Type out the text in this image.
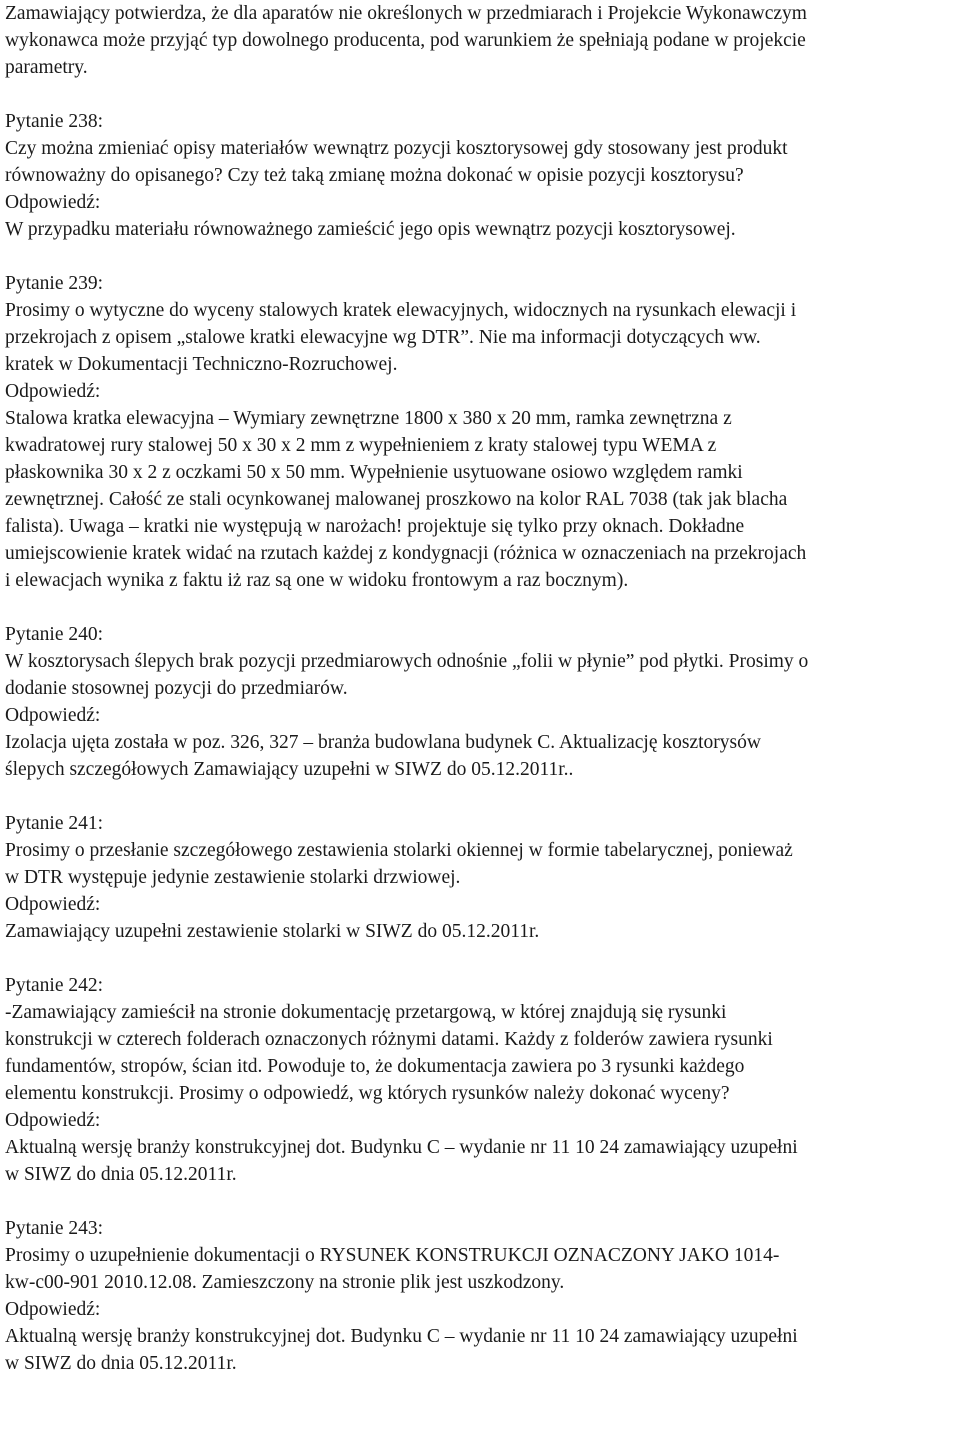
Zamawiający potwierdza, że dla aparatów nie określonych w przedmiarach i Projekcie Wykonawczym
wykonawca może przyjąć typ dowolnego producenta, pod warunkiem że spełniają podane w projekcie
parametry.
Pytanie 238:
Czy można zmieniać opisy materiałów wewnątrz pozycji kosztorysowej gdy stosowany jest produkt
równoważny do opisanego? Czy też taką zmianę można dokonać w opisie pozycji kosztorysu?
Odpowiedź:
W przypadku materiału równoważnego zamieścić jego opis wewnątrz pozycji kosztorysowej.
Pytanie 239:
Prosimy o wytyczne do wyceny stalowych kratek elewacyjnych, widocznych na rysunkach elewacji i
przekrojach z opisem „stalowe kratki elewacyjne wg DTR”. Nie ma informacji dotyczących ww.
kratek w Dokumentacji Techniczno-Rozruchowej.
Odpowiedź:
Stalowa kratka elewacyjna – Wymiary zewnętrzne 1800 x 380 x 20 mm, ramka zewnętrzna z
kwadratowej rury stalowej 50 x 30 x 2 mm z wypełnieniem z kraty stalowej typu WEMA z
płaskownika 30 x 2 z oczkami 50 x 50 mm. Wypełnienie usytuowane osiowo względem ramki
zewnętrznej. Całość ze stali ocynkowanej malowanej proszkowo na kolor RAL 7038 (tak jak blacha
falista). Uwaga – kratki nie występują w narożach! projektuje się tylko przy oknach. Dokładne
umiejscowienie kratek widać na rzutach każdej z kondygnacji (różnica w oznaczeniach na przekrojach
i elewacjach wynika z faktu iż raz są one w widoku frontowym a raz bocznym).
Pytanie 240:
W kosztorysach ślepych brak pozycji przedmiarowych odnośnie „folii w płynie” pod płytki. Prosimy o
dodanie stosownej pozycji do przedmiarów.
Odpowiedź:
Izolacja ujęta została w poz. 326, 327 – branża budowlana budynek C. Aktualizację kosztorysów
ślepych szczegółowych Zamawiający uzupełni w SIWZ do 05.12.2011r..
Pytanie 241:
Prosimy o przesłanie szczegółowego zestawienia stolarki okiennej w formie tabelarycznej, ponieważ
w DTR występuje jedynie zestawienie stolarki drzwiowej.
Odpowiedź:
Zamawiający uzupełni zestawienie stolarki w SIWZ do 05.12.2011r.
Pytanie 242:
-Zamawiający zamieścił na stronie dokumentację przetargową, w której znajdują się rysunki
konstrukcji w czterech folderach oznaczonych różnymi datami. Każdy z folderów zawiera rysunki
fundamentów, stropów, ścian itd. Powoduje to, że dokumentacja zawiera po 3 rysunki każdego
elementu konstrukcji. Prosimy o odpowiedź, wg których rysunków należy dokonać wyceny?
Odpowiedź:
Aktualną wersję branży konstrukcyjnej dot. Budynku C – wydanie nr 11 10 24 zamawiający uzupełni
w SIWZ do dnia 05.12.2011r.
Pytanie 243:
Prosimy o uzupełnienie dokumentacji o RYSUNEK KONSTRUKCJI OZNACZONY JAKO 1014-
kw-c00-901 2010.12.08. Zamieszczony na stronie plik jest uszkodzony.
Odpowiedź:
Aktualną wersję branży konstrukcyjnej dot. Budynku C – wydanie nr 11 10 24 zamawiający uzupełni
w SIWZ do dnia 05.12.2011r.
